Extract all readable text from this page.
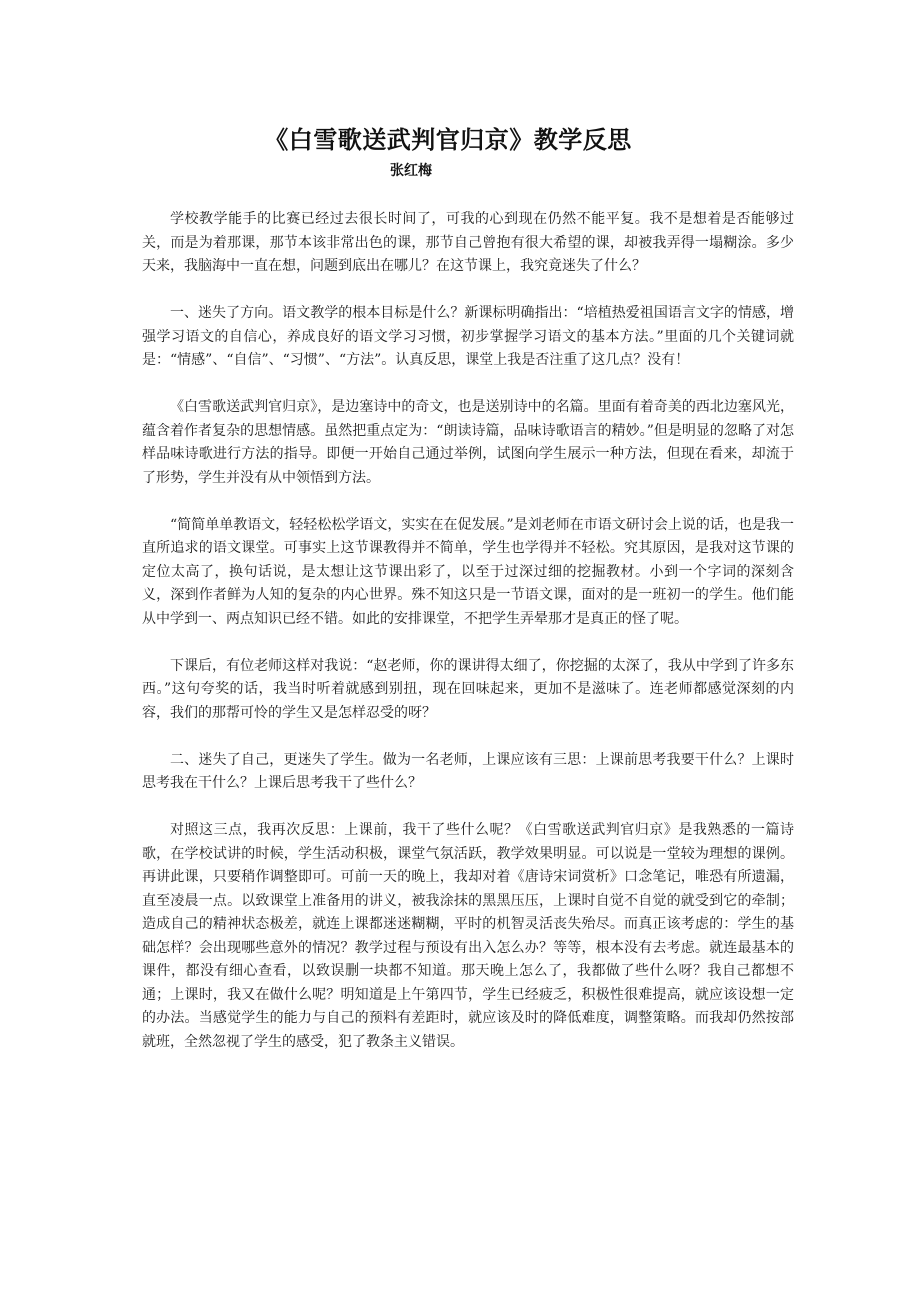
《白雪歌送武判官归京》教学反思
张红梅

学校教学能手的比赛已经过去很长时间了，可我的心到现在仍然不能平复。我不是想着是否能够过关，而是为着那课，那节本该非常出色的课，那节自己曾抱有很大希望的课，却被我弄得一塌糊涂。多少天来，我脑海中一直在想，问题到底出在哪儿？在这节课上，我究竟迷失了什么？

一、迷失了方向。语文教学的根本目标是什么？新课标明确指出：“培植热爱祖国语言文字的情感，增强学习语文的自信心，养成良好的语文学习习惯，初步掌握学习语文的基本方法。”里面的几个关键词就是：“情感”、“自信”、“习惯”、“方法”。认真反思，课堂上我是否注重了这几点？没有！

《白雪歌送武判官归京》，是边塞诗中的奇文，也是送别诗中的名篇。里面有着奇美的西北边塞风光，蕴含着作者复杂的思想情感。虽然把重点定为：“朗读诗篇，品味诗歌语言的精妙。”但是明显的忽略了对怎样品味诗歌进行方法的指导。即便一开始自己通过举例，试图向学生展示一种方法，但现在看来，却流于了形势，学生并没有从中领悟到方法。

“简简单单教语文，轻轻松松学语文，实实在在促发展。”是刘老师在市语文研讨会上说的话，也是我一直所追求的语文课堂。可事实上这节课教得并不简单，学生也学得并不轻松。究其原因，是我对这节课的定位太高了，换句话说，是太想让这节课出彩了，以至于过深过细的挖掘教材。小到一个字词的深刻含义，深到作者鲜为人知的复杂的内心世界。殊不知这只是一节语文课，面对的是一班初一的学生。他们能从中学到一、两点知识已经不错。如此的安排课堂，不把学生弄晕那才是真正的怪了呢。

下课后，有位老师这样对我说：“赵老师，你的课讲得太细了，你挖掘的太深了，我从中学到了许多东西。”这句夸奖的话，我当时听着就感到别扭，现在回味起来，更加不是滋味了。连老师都感觉深刻的内容，我们的那帮可怜的学生又是怎样忍受的呀？

二、迷失了自己，更迷失了学生。做为一名老师，上课应该有三思：上课前思考我要干什么？上课时思考我在干什么？上课后思考我干了些什么？

对照这三点，我再次反思：上课前，我干了些什么呢？《白雪歌送武判官归京》是我熟悉的一篇诗歌，在学校试讲的时候，学生活动积极，课堂气氛活跃，教学效果明显。可以说是一堂较为理想的课例。再讲此课，只要稍作调整即可。可前一天的晚上，我却对着《唐诗宋词赏析》口念笔记，唯恐有所遗漏，直至凌晨一点。以致课堂上准备用的讲义，被我涂抹的黑黑压压，上课时自觉不自觉的就受到它的牵制；造成自己的精神状态极差，就连上课都迷迷糊糊，平时的机智灵活丧失殆尽。而真正该考虑的：学生的基础怎样？会出现哪些意外的情况？教学过程与预设有出入怎么办？等等，根本没有去考虑。就连最基本的课件，都没有细心查看，以致误删一块都不知道。那天晚上怎么了，我都做了些什么呀？我自己都想不通；上课时，我又在做什么呢？明知道是上午第四节，学生已经疲乏，积极性很难提高，就应该设想一定的办法。当感觉学生的能力与自己的预料有差距时，就应该及时的降低难度，调整策略。而我却仍然按部就班，全然忽视了学生的感受，犯了教条主义错误。
